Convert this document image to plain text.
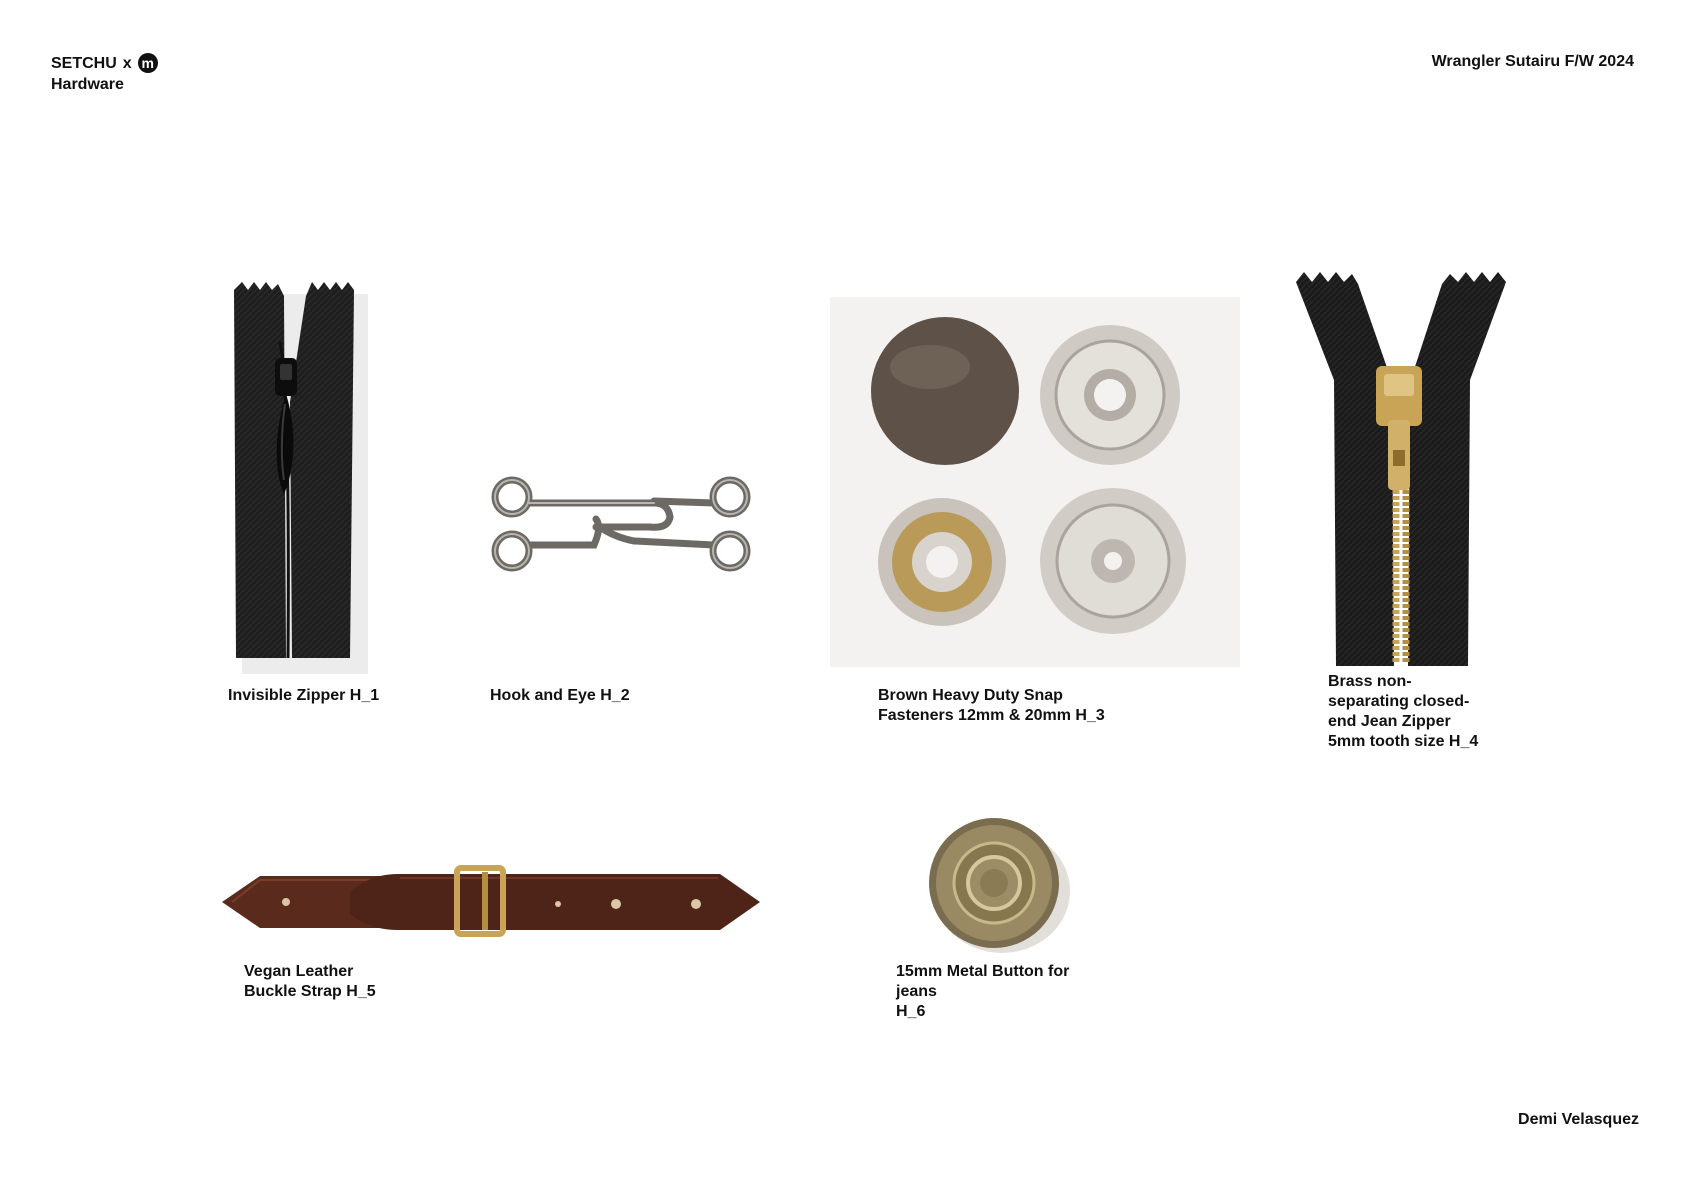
SETCHU x m
Hardware
Wrangler Sutairu F/W 2024

Invisible Zipper H_1	Hook and Eye H_2	Brown Heavy Duty Snap
Fasteners 12mm & 20mm H_3

Brass non-
separating closed-
end Jean Zipper
5mm tooth size H_4

Vegan Leather
Buckle Strap H_5

15mm Metal Button for
jeans
H_6

Demi Velasquez
